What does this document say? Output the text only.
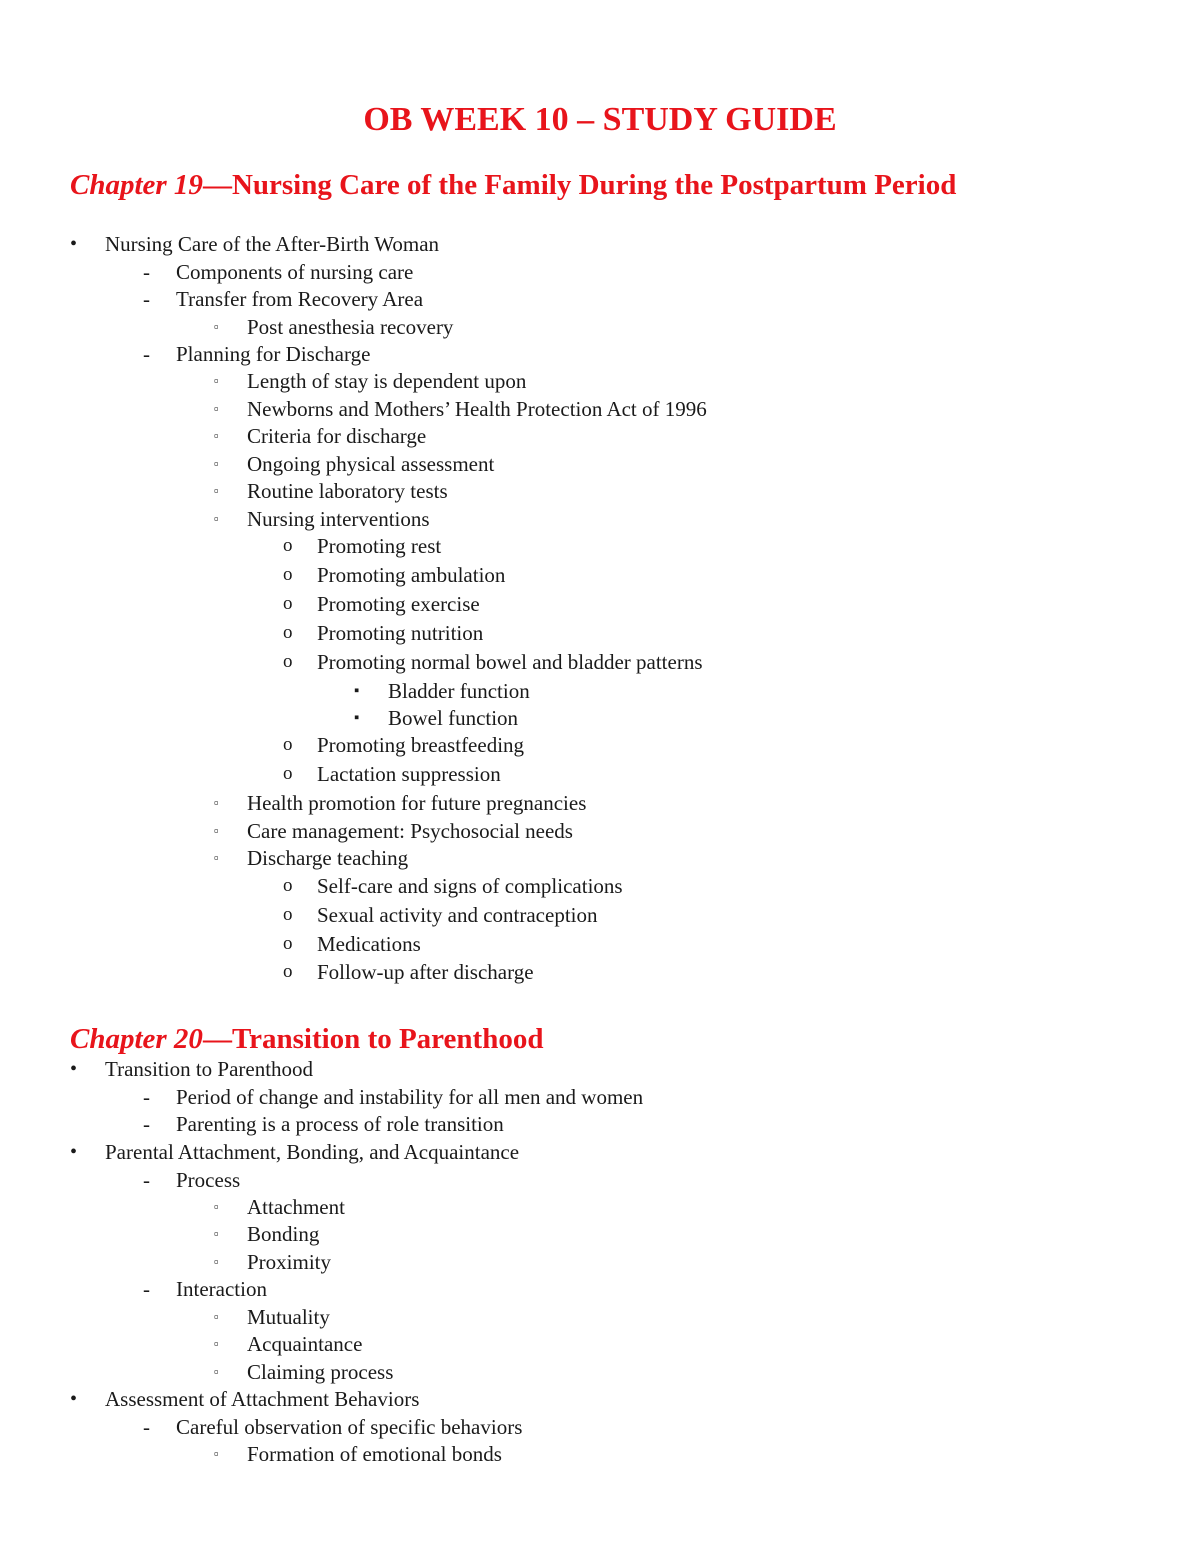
OB WEEK 10 – STUDY GUIDE
Chapter 19—Nursing Care of the Family During the Postpartum Period
• Nursing Care of the After-Birth Woman
- Components of nursing care
- Transfer from Recovery Area
▫ Post anesthesia recovery
- Planning for Discharge
▫ Length of stay is dependent upon
▫ Newborns and Mothers’ Health Protection Act of 1996
▫ Criteria for discharge
▫ Ongoing physical assessment
▫ Routine laboratory tests
▫ Nursing interventions
o Promoting rest
o Promoting ambulation
o Promoting exercise
o Promoting nutrition
o Promoting normal bowel and bladder patterns
▪ Bladder function
▪ Bowel function
o Promoting breastfeeding
o Lactation suppression
▫ Health promotion for future pregnancies
▫ Care management: Psychosocial needs
▫ Discharge teaching
o Self-care and signs of complications
o Sexual activity and contraception
o Medications
o Follow-up after discharge
Chapter 20—Transition to Parenthood
• Transition to Parenthood
- Period of change and instability for all men and women
- Parenting is a process of role transition
• Parental Attachment, Bonding, and Acquaintance
- Process
▫ Attachment
▫ Bonding
▫ Proximity
- Interaction
▫ Mutuality
▫ Acquaintance
▫ Claiming process
• Assessment of Attachment Behaviors
- Careful observation of specific behaviors
▫ Formation of emotional bonds
